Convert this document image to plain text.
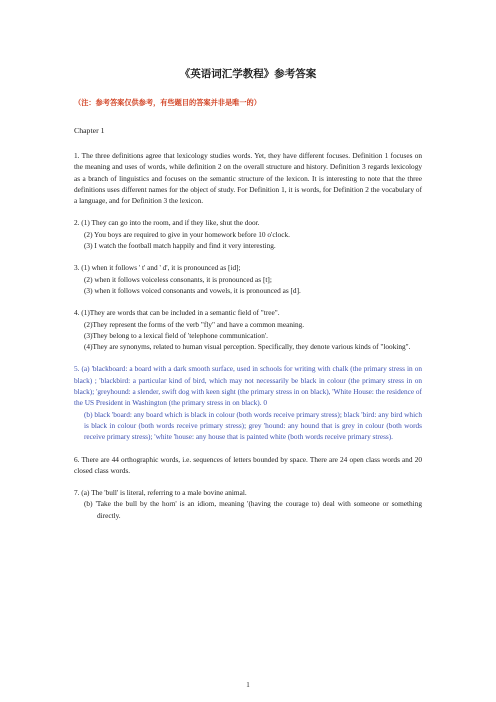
《英语词汇学教程》参考答案
（注：参考答案仅供参考，有些题目的答案并非是唯一的）
Chapter 1

1. The three definitions agree that lexicology studies words. Yet, they have different focuses. Definition 1 focuses on the meaning and uses of words, while definition 2 on the overall structure and history. Definition 3 regards lexicology as a branch of linguistics and focuses on the semantic structure of the lexicon. It is interesting to note that the three definitions uses different names for the object of study. For Definition 1, it is words, for Definition 2 the vocabulary of a language, and for Definition 3 the lexicon.

2. (1) They can go into the room, and if they like, shut the door.

(2) You boys are required to give in your homework before 10 o'clock.

(3) I watch the football match happily and find it very interesting.

3. (1) when it follows ' t' and ' d', it is pronounced as [id];

(2) when it follows voiceless consonants, it is pronounced as [t];

(3) when it follows voiced consonants and vowels, it is pronounced as [d].

4. (1)They are words that can be included in a semantic field of "tree".

(2)They represent the forms of the verb "fly" and have a common meaning.

(3)They belong to a lexical field of 'telephone communication'.

(4)They are synonyms, related to human visual perception. Specifically, they denote various kinds of "looking".

5. (a) 'blackboard: a board with a dark smooth surface, used in schools for writing with chalk (the primary stress in on black) ; 'blackbird: a particular kind of bird, which may not necessarily be black in colour (the primary stress in on black); 'greyhound: a slender, swift dog with keen sight (the primary stress in on black), 'White House: the residence of the US President in Washington (the primary stress in on black). 0

(b) black 'board: any board which is black in colour (both words receive primary stress); black 'bird: any bird which is black in colour (both words receive primary stress); grey 'hound: any hound that is grey in colour (both words receive primary stress); 'white 'house: any house that is painted white (both words receive primary stress).

6. There are 44 orthographic words, i.e. sequences of letters bounded by space. There are 24 open class words and 20 closed class words.

7. (a) The 'bull' is literal, referring to a male bovine animal.

(b) 'Take the bull by the horn' is an idiom, meaning '(having the courage to) deal with someone or something directly.

1
